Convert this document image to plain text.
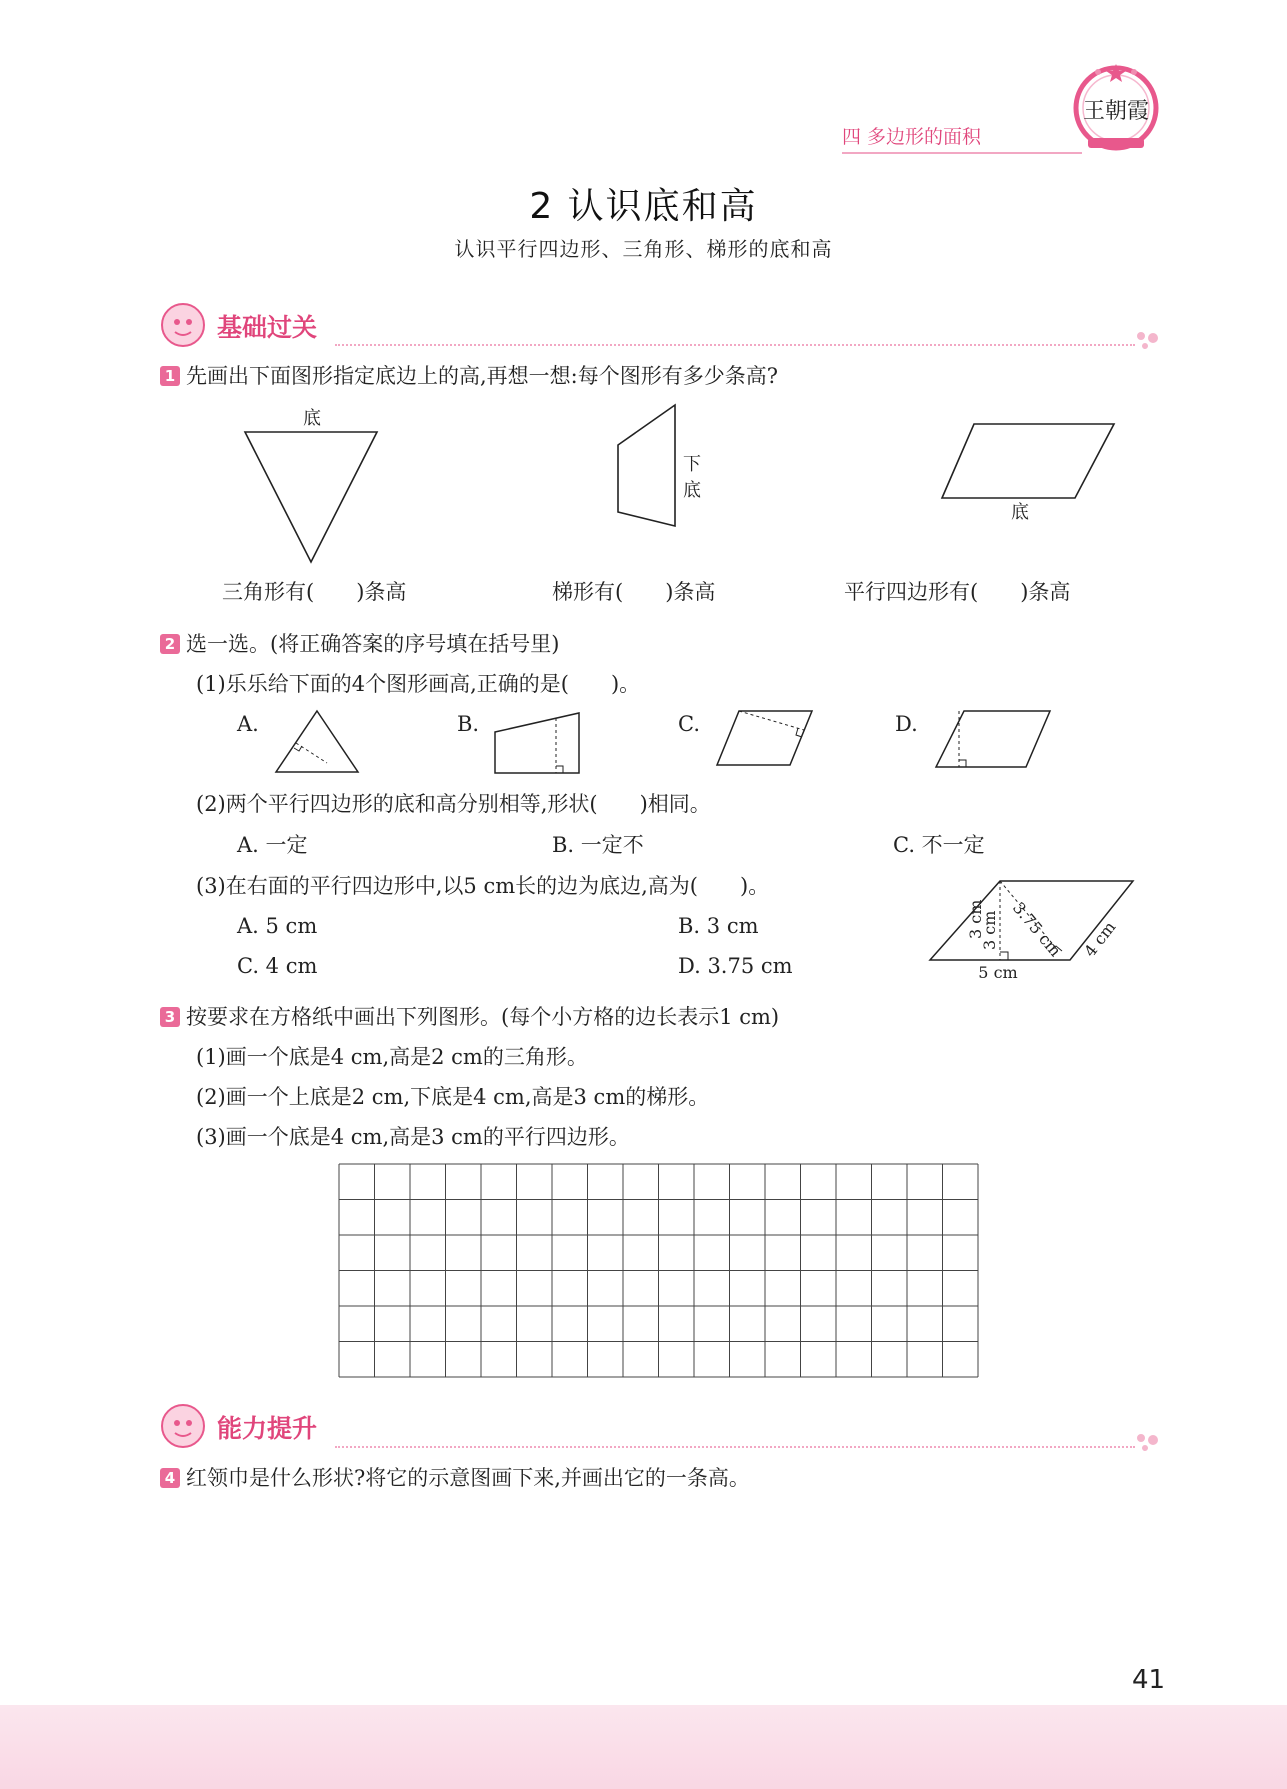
王朝霞
四 多边形的面积
2 认识底和高
认识平行四边形、三角形、梯形的底和高
基础过关
1 先画出下面图形指定底边上的高,再想一想:每个图形有多少条高?
底
下
底
底
三角形有(　　)条高	梯形有(　　)条高	平行四边形有(　　)条高
2 选一选。(将正确答案的序号填在括号里)
(1)乐乐给下面的4个图形画高,正确的是(　　)。
A.	B.	C.	D.
(2)两个平行四边形的底和高分别相等,形状(　　)相同。
A. 一定	B. 一定不	C. 不一定
(3)在右面的平行四边形中,以5 cm长的边为底边,高为(　　)。
A. 5 cm	B. 3 cm
C. 4 cm	D. 3.75 cm
3 cm
3 cm 3.75 cm 4 cm
5 cm
3 按要求在方格纸中画出下列图形。(每个小方格的边长表示1 cm)
(1)画一个底是4 cm,高是2 cm的三角形。
(2)画一个上底是2 cm,下底是4 cm,高是3 cm的梯形。
(3)画一个底是4 cm,高是3 cm的平行四边形。
能力提升
4 红领巾是什么形状?将它的示意图画下来,并画出它的一条高。
41
